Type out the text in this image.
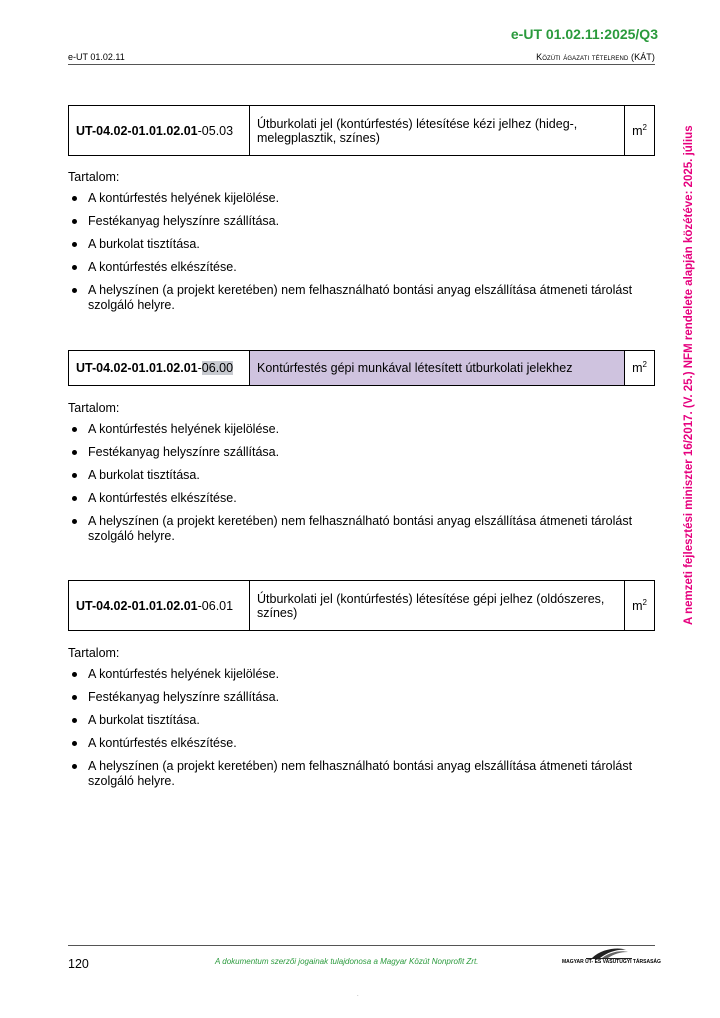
e-UT 01.02.11:2025/Q3
e-UT 01.02.11	Közúti ágazati tételrend (KÁT)
A nemzeti fejlesztési miniszter 16/2017. (V. 25.) NFM rendelete alapján közétéve: 2025. július
UT-04.02-01.01.02.01-05.03	Útburkolati jel (kontúrfestés) létesítése kézi jelhez (hideg-, melegplasztik, színes)	$m^2$
Tartalom:
A kontúrfestés helyének kijelölése.
Festékanyag helyszínre szállítása.
A burkolat tisztítása.
A kontúrfestés elkészítése.
A helyszínen (a projekt keretében) nem felhasználható bontási anyag elszállítása átmeneti tárolást szolgáló helyre.
UT-04.02-01.01.02.01-06.00	Kontúrfestés gépi munkával létesített útburkolati jelekhez	$m^2$
Tartalom:
A kontúrfestés helyének kijelölése.
Festékanyag helyszínre szállítása.
A burkolat tisztítása.
A kontúrfestés elkészítése.
A helyszínen (a projekt keretében) nem felhasználható bontási anyag elszállítása átmeneti tárolást szolgáló helyre.
UT-04.02-01.01.02.01-06.01	Útburkolati jel (kontúrfestés) létesítése gépi jelhez (oldószeres, színes)	$m^2$
Tartalom:
A kontúrfestés helyének kijelölése.
Festékanyag helyszínre szállítása.
A burkolat tisztítása.
A kontúrfestés elkészítése.
A helyszínen (a projekt keretében) nem felhasználható bontási anyag elszállítása átmeneti tárolást szolgáló helyre.
120	A dokumentum szerzői jogainak tulajdonosa a Magyar Közút Nonprofit Zrt.	MAGYAR ÚT- ÉS VASÚTÜGYI TÁRSASÁG
.
